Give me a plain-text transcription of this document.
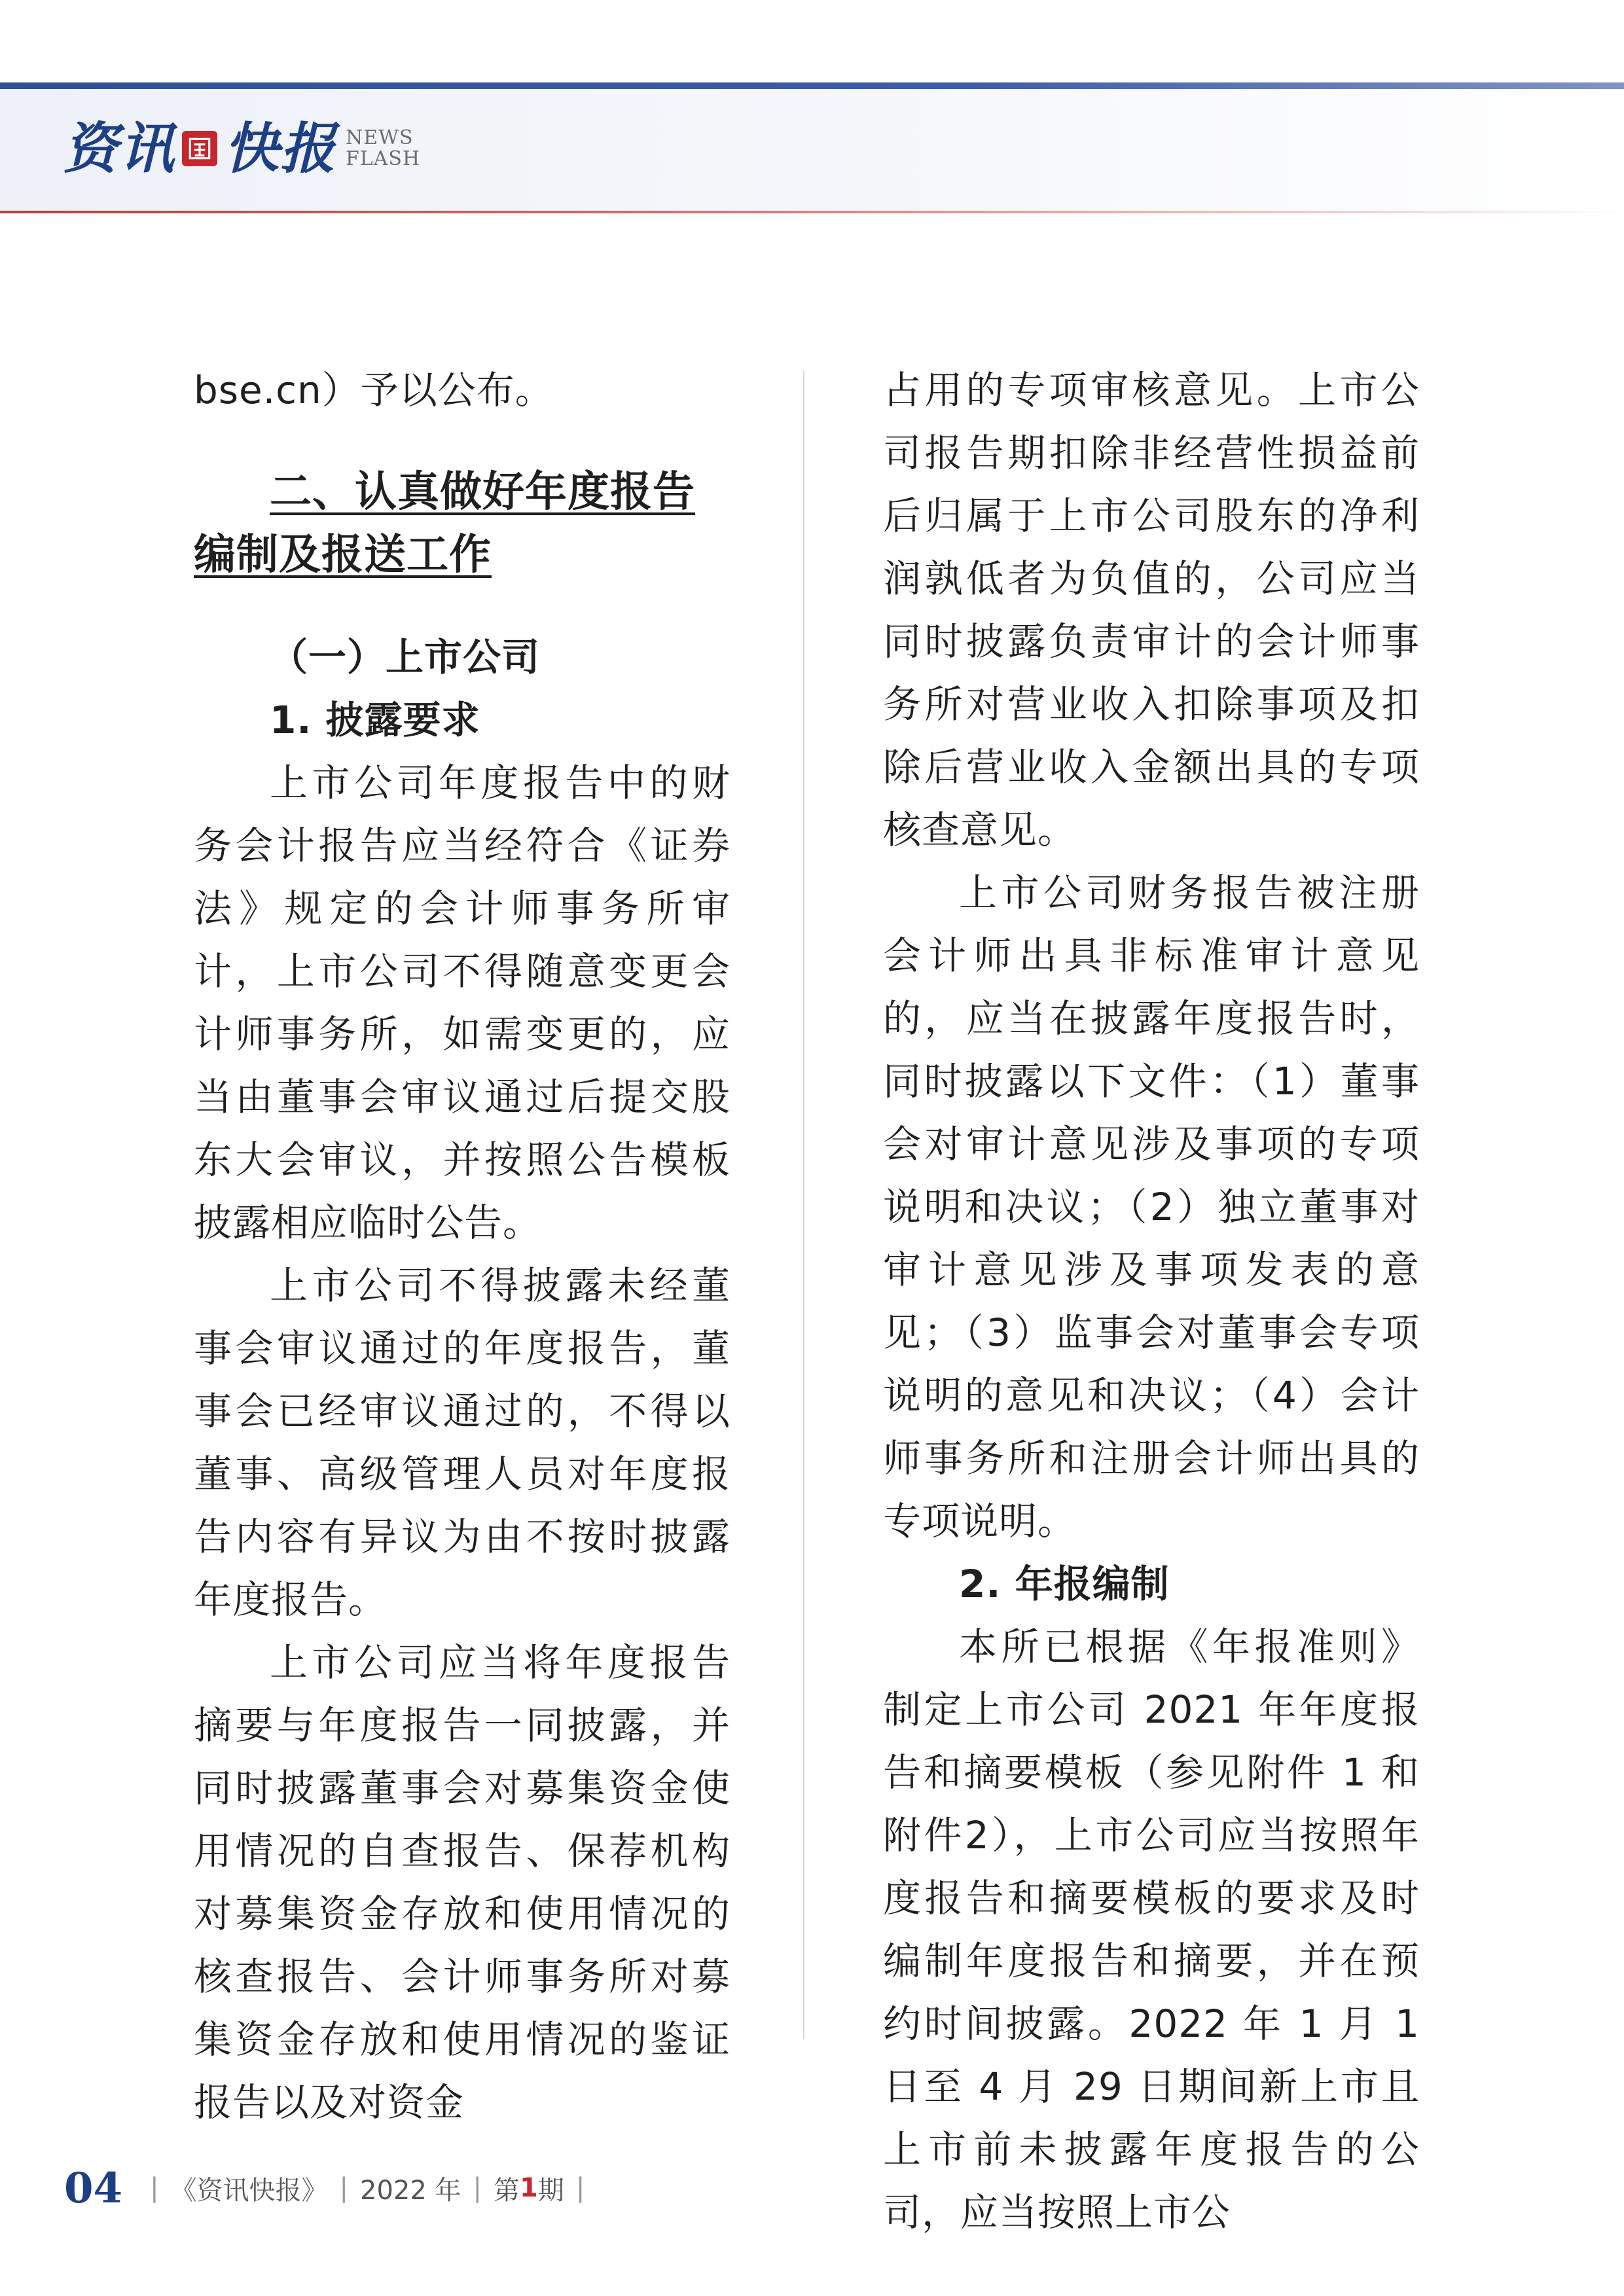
资讯 快报 NEWS
FLASH

bse.cn）予以公布。

二、认真做好年度报告编制及报送工作

（一）上市公司

1. 披露要求

上市公司年度报告中的财务会计报告应当经符合《证券法》规定的会计师事务所审计，上市公司不得随意变更会计师事务所，如需变更的，应当由董事会审议通过后提交股东大会审议，并按照公告模板披露相应临时公告。

上市公司不得披露未经董事会审议通过的年度报告，董事会已经审议通过的，不得以董事、高级管理人员对年度报告内容有异议为由不按时披露年度报告。

上市公司应当将年度报告摘要与年度报告一同披露，并同时披露董事会对募集资金使用情况的自查报告、保荐机构对募集资金存放和使用情况的核查报告、会计师事务所对募集资金存放和使用情况的鉴证报告以及对资金

占用的专项审核意见。上市公司报告期扣除非经营性损益前后归属于上市公司股东的净利润孰低者为负值的，公司应当同时披露负责审计的会计师事务所对营业收入扣除事项及扣除后营业收入金额出具的专项核查意见。

上市公司财务报告被注册会计师出具非标准审计意见的，应当在披露年度报告时，同时披露以下文件：（1）董事会对审计意见涉及事项的专项说明和决议；（2）独立董事对审计意见涉及事项发表的意见；（3）监事会对董事会专项说明的意见和决议；（4）会计师事务所和注册会计师出具的专项说明。

2. 年报编制

本所已根据《年报准则》制定上市公司 2021 年年度报告和摘要模板（参见附件 1 和附件2），上市公司应当按照年度报告和摘要模板的要求及时编制年度报告和摘要，并在预约时间披露。2022 年 1 月 1 日至 4 月 29 日期间新上市且上市前未披露年度报告的公司，应当按照上市公

04 | 《资讯快报》 | 2022 年 | 第 1 期 |
